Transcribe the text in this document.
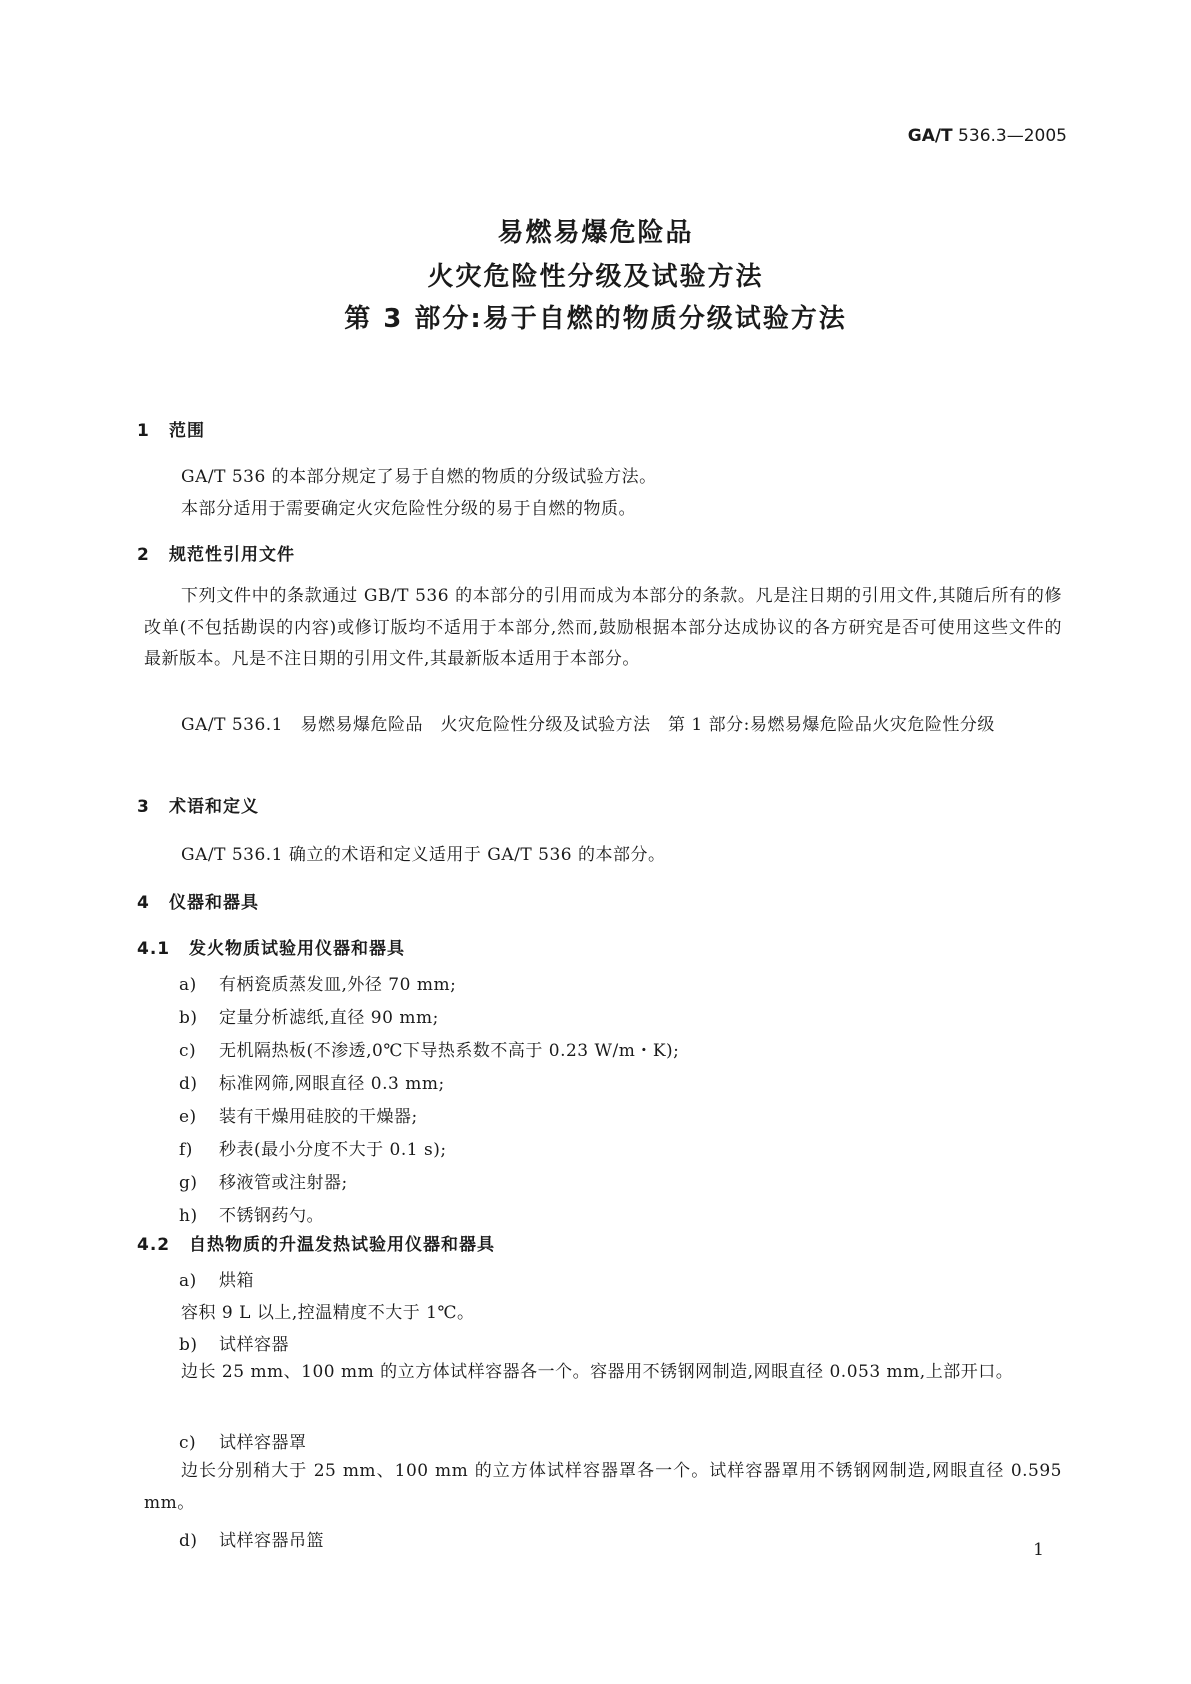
GA/T 536.3—2005
易燃易爆危险品
火灾危险性分级及试验方法
第 3 部分:易于自燃的物质分级试验方法
1 范围
GA/T 536 的本部分规定了易于自燃的物质的分级试验方法。
本部分适用于需要确定火灾危险性分级的易于自燃的物质。
2 规范性引用文件
下列文件中的条款通过 GB/T 536 的本部分的引用而成为本部分的条款。凡是注日期的引用文件,其随后所有的修改单(不包括勘误的内容)或修订版均不适用于本部分,然而,鼓励根据本部分达成协议的各方研究是否可使用这些文件的最新版本。凡是不注日期的引用文件,其最新版本适用于本部分。
GA/T 536.1　易燃易爆危险品　火灾危险性分级及试验方法　第 1 部分:易燃易爆危险品火灾危险性分级
3 术语和定义
GA/T 536.1 确立的术语和定义适用于 GA/T 536 的本部分。
4 仪器和器具
4.1 发火物质试验用仪器和器具
a) 有柄瓷质蒸发皿,外径 70 mm;
b) 定量分析滤纸,直径 90 mm;
c) 无机隔热板(不渗透,0℃下导热系数不高于 0.23 W/m・K);
d) 标准网筛,网眼直径 0.3 mm;
e) 装有干燥用硅胶的干燥器;
f) 秒表(最小分度不大于 0.1 s);
g) 移液管或注射器;
h) 不锈钢药勺。
4.2 自热物质的升温发热试验用仪器和器具
a) 烘箱
容积 9 L 以上,控温精度不大于 1℃。
b) 试样容器
边长 25 mm、100 mm 的立方体试样容器各一个。容器用不锈钢网制造,网眼直径 0.053 mm,上部开口。
c) 试样容器罩
边长分别稍大于 25 mm、100 mm 的立方体试样容器罩各一个。试样容器罩用不锈钢网制造,网眼直径 0.595 mm。
d) 试样容器吊篮	1
